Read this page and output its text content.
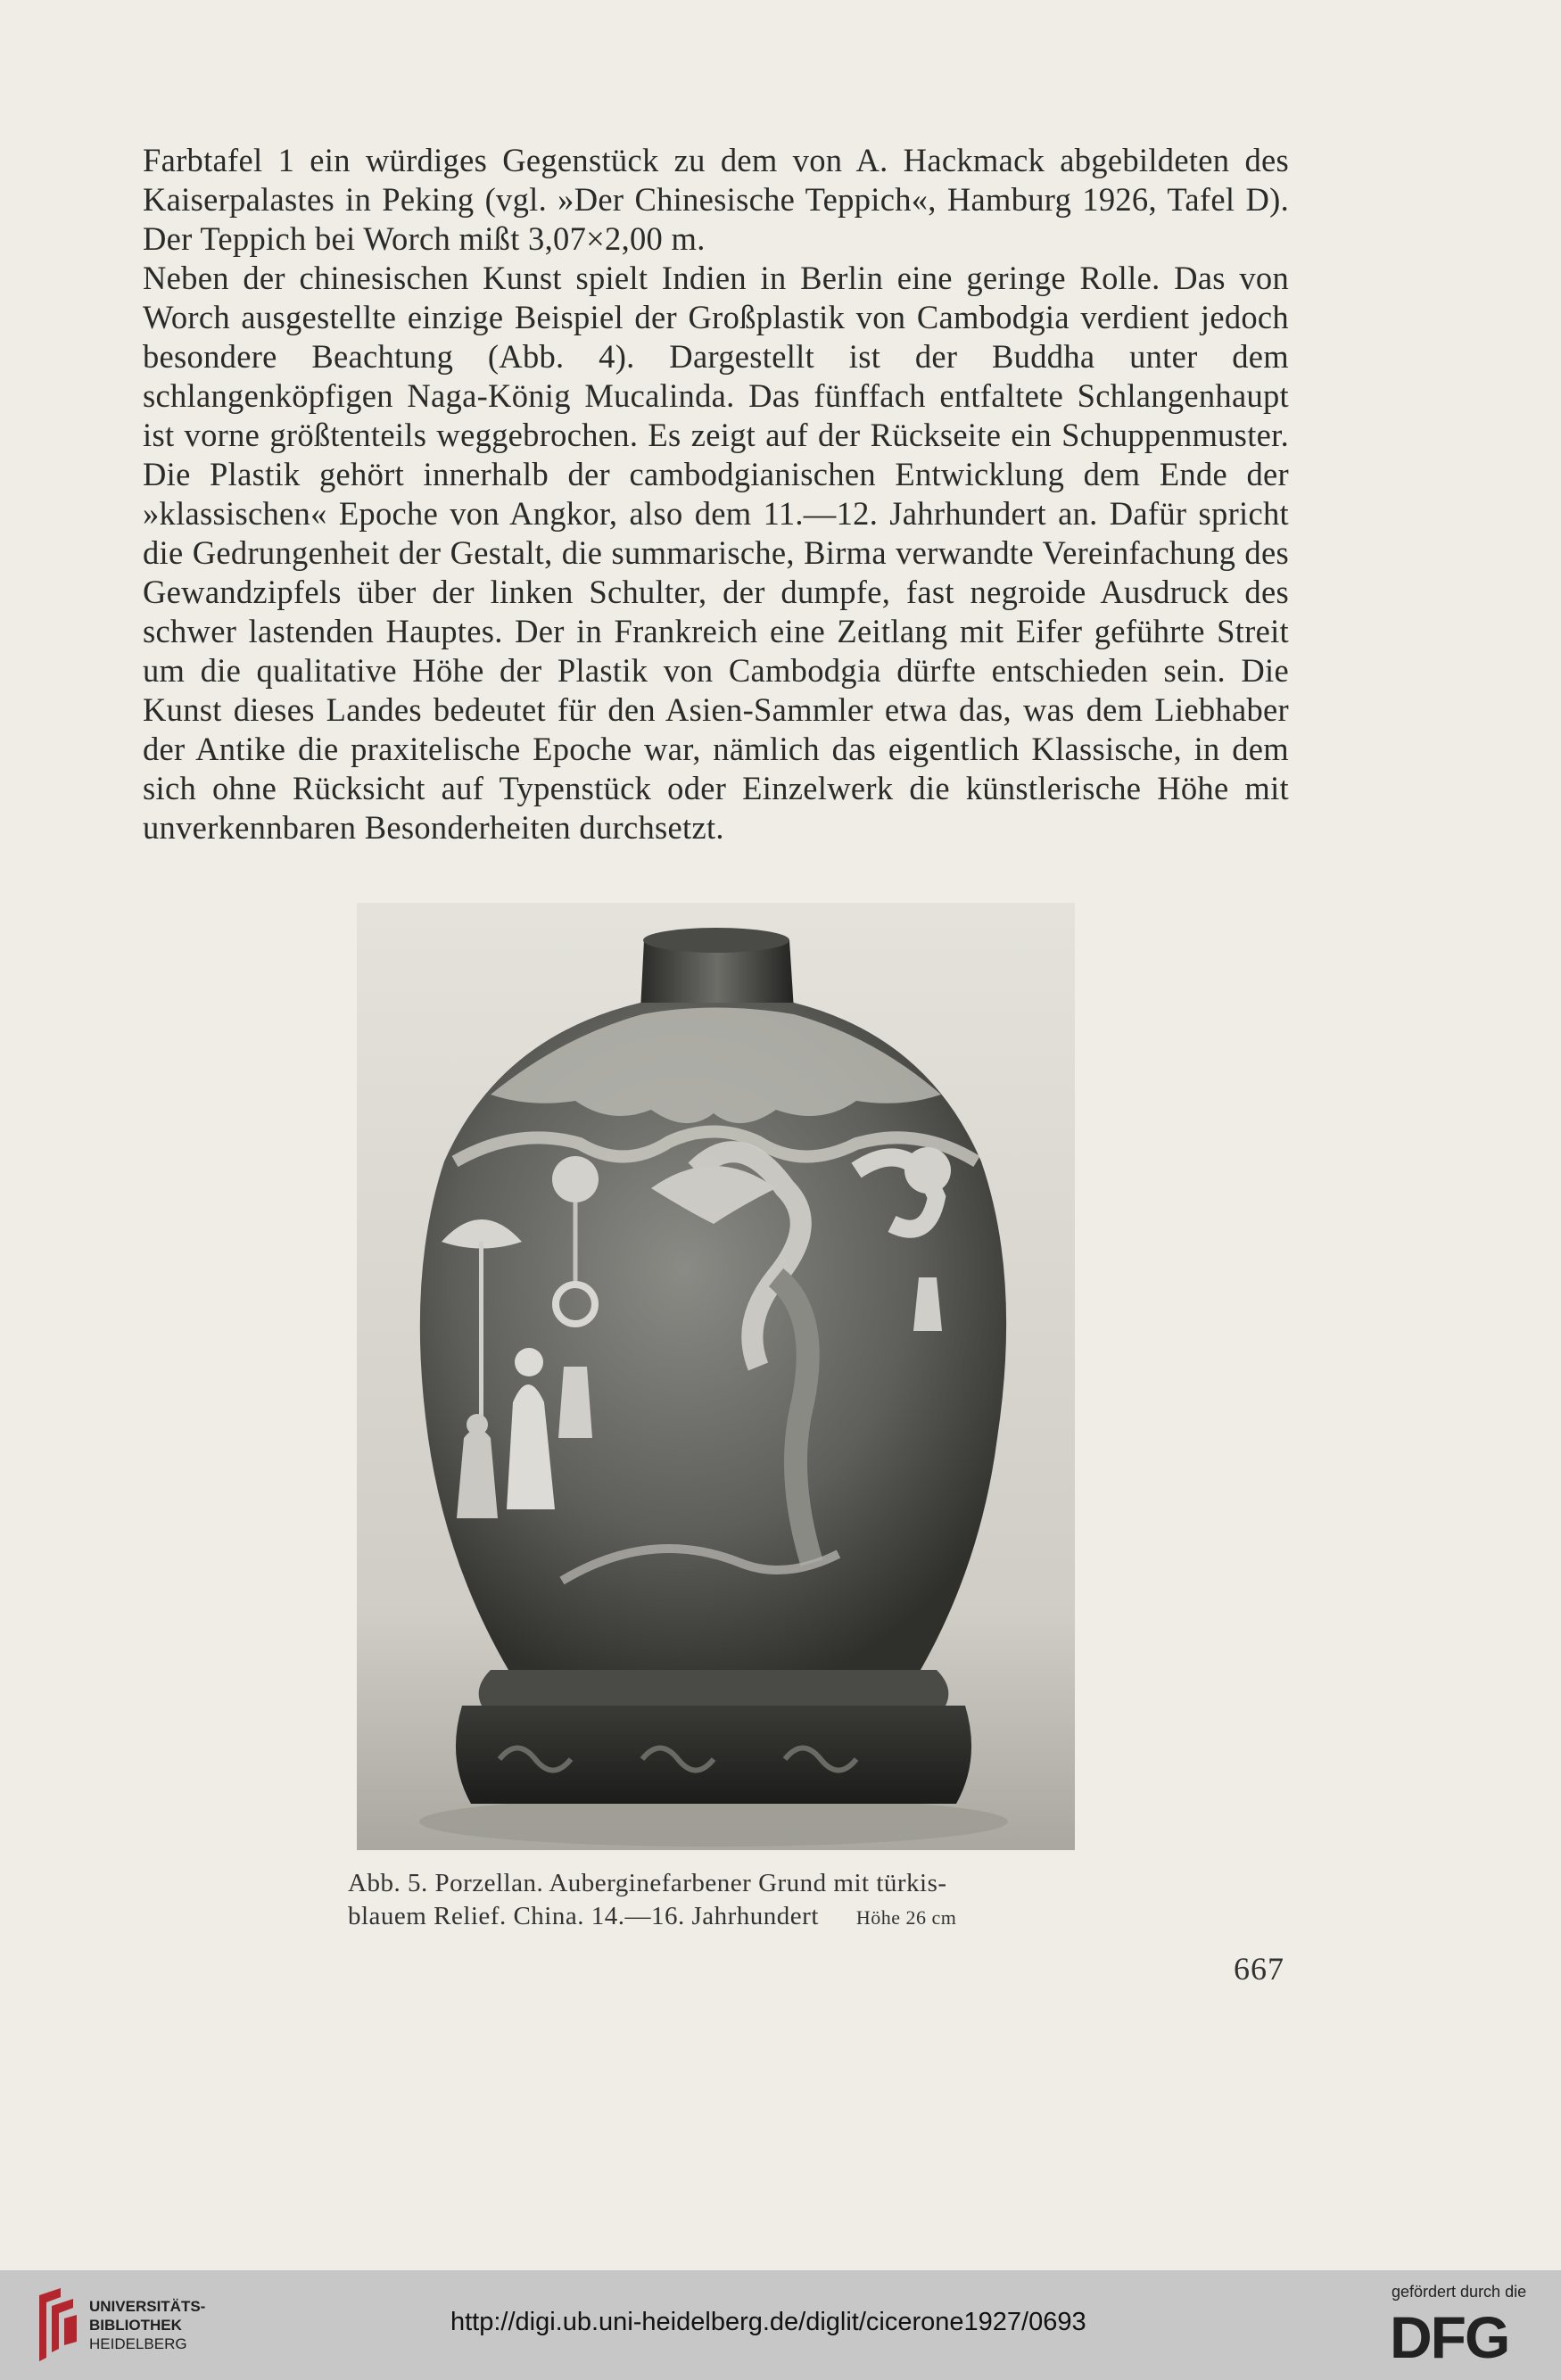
Farbtafel 1 ein würdiges Gegenstück zu dem von A. Hackmack abgebildeten des Kaiserpalastes in Peking (vgl. »Der Chinesische Teppich«, Hamburg 1926, Tafel D). Der Teppich bei Worch mißt 3,07×2,00 m.

Neben der chinesischen Kunst spielt Indien in Berlin eine geringe Rolle. Das von Worch ausgestellte einzige Beispiel der Großplastik von Cambodgia verdient jedoch besondere Beachtung (Abb. 4). Dargestellt ist der Buddha unter dem schlangenköpfigen Naga-König Mucalinda. Das fünffach entfaltete Schlangenhaupt ist vorne größtenteils weggebrochen. Es zeigt auf der Rückseite ein Schuppenmuster. Die Plastik gehört innerhalb der cambodgianischen Entwicklung dem Ende der »klassischen« Epoche von Angkor, also dem 11.—12. Jahrhundert an. Dafür spricht die Gedrungenheit der Gestalt, die summarische, Birma verwandte Vereinfachung des Gewandzipfels über der linken Schulter, der dumpfe, fast negroide Ausdruck des schwer lastenden Hauptes. Der in Frankreich eine Zeitlang mit Eifer geführte Streit um die qualitative Höhe der Plastik von Cambodgia dürfte entschieden sein. Die Kunst dieses Landes bedeutet für den Asien-Sammler etwa das, was dem Liebhaber der Antike die praxitelische Epoche war, nämlich das eigentlich Klassische, in dem sich ohne Rücksicht auf Typenstück oder Einzelwerk die künstlerische Höhe mit unverkennbaren Besonderheiten durchsetzt.

Abb. 5. Porzellan. Auberginefarbener Grund mit türkis-
blauem Relief. China. 14.—16. Jahrhundert Höhe 26 cm
667
UNIVERSITÄTS-
BIBLIOTHEK
HEIDELBERG
http://digi.ub.uni-heidelberg.de/diglit/cicerone1927/0693
gefördert durch die
DFG
